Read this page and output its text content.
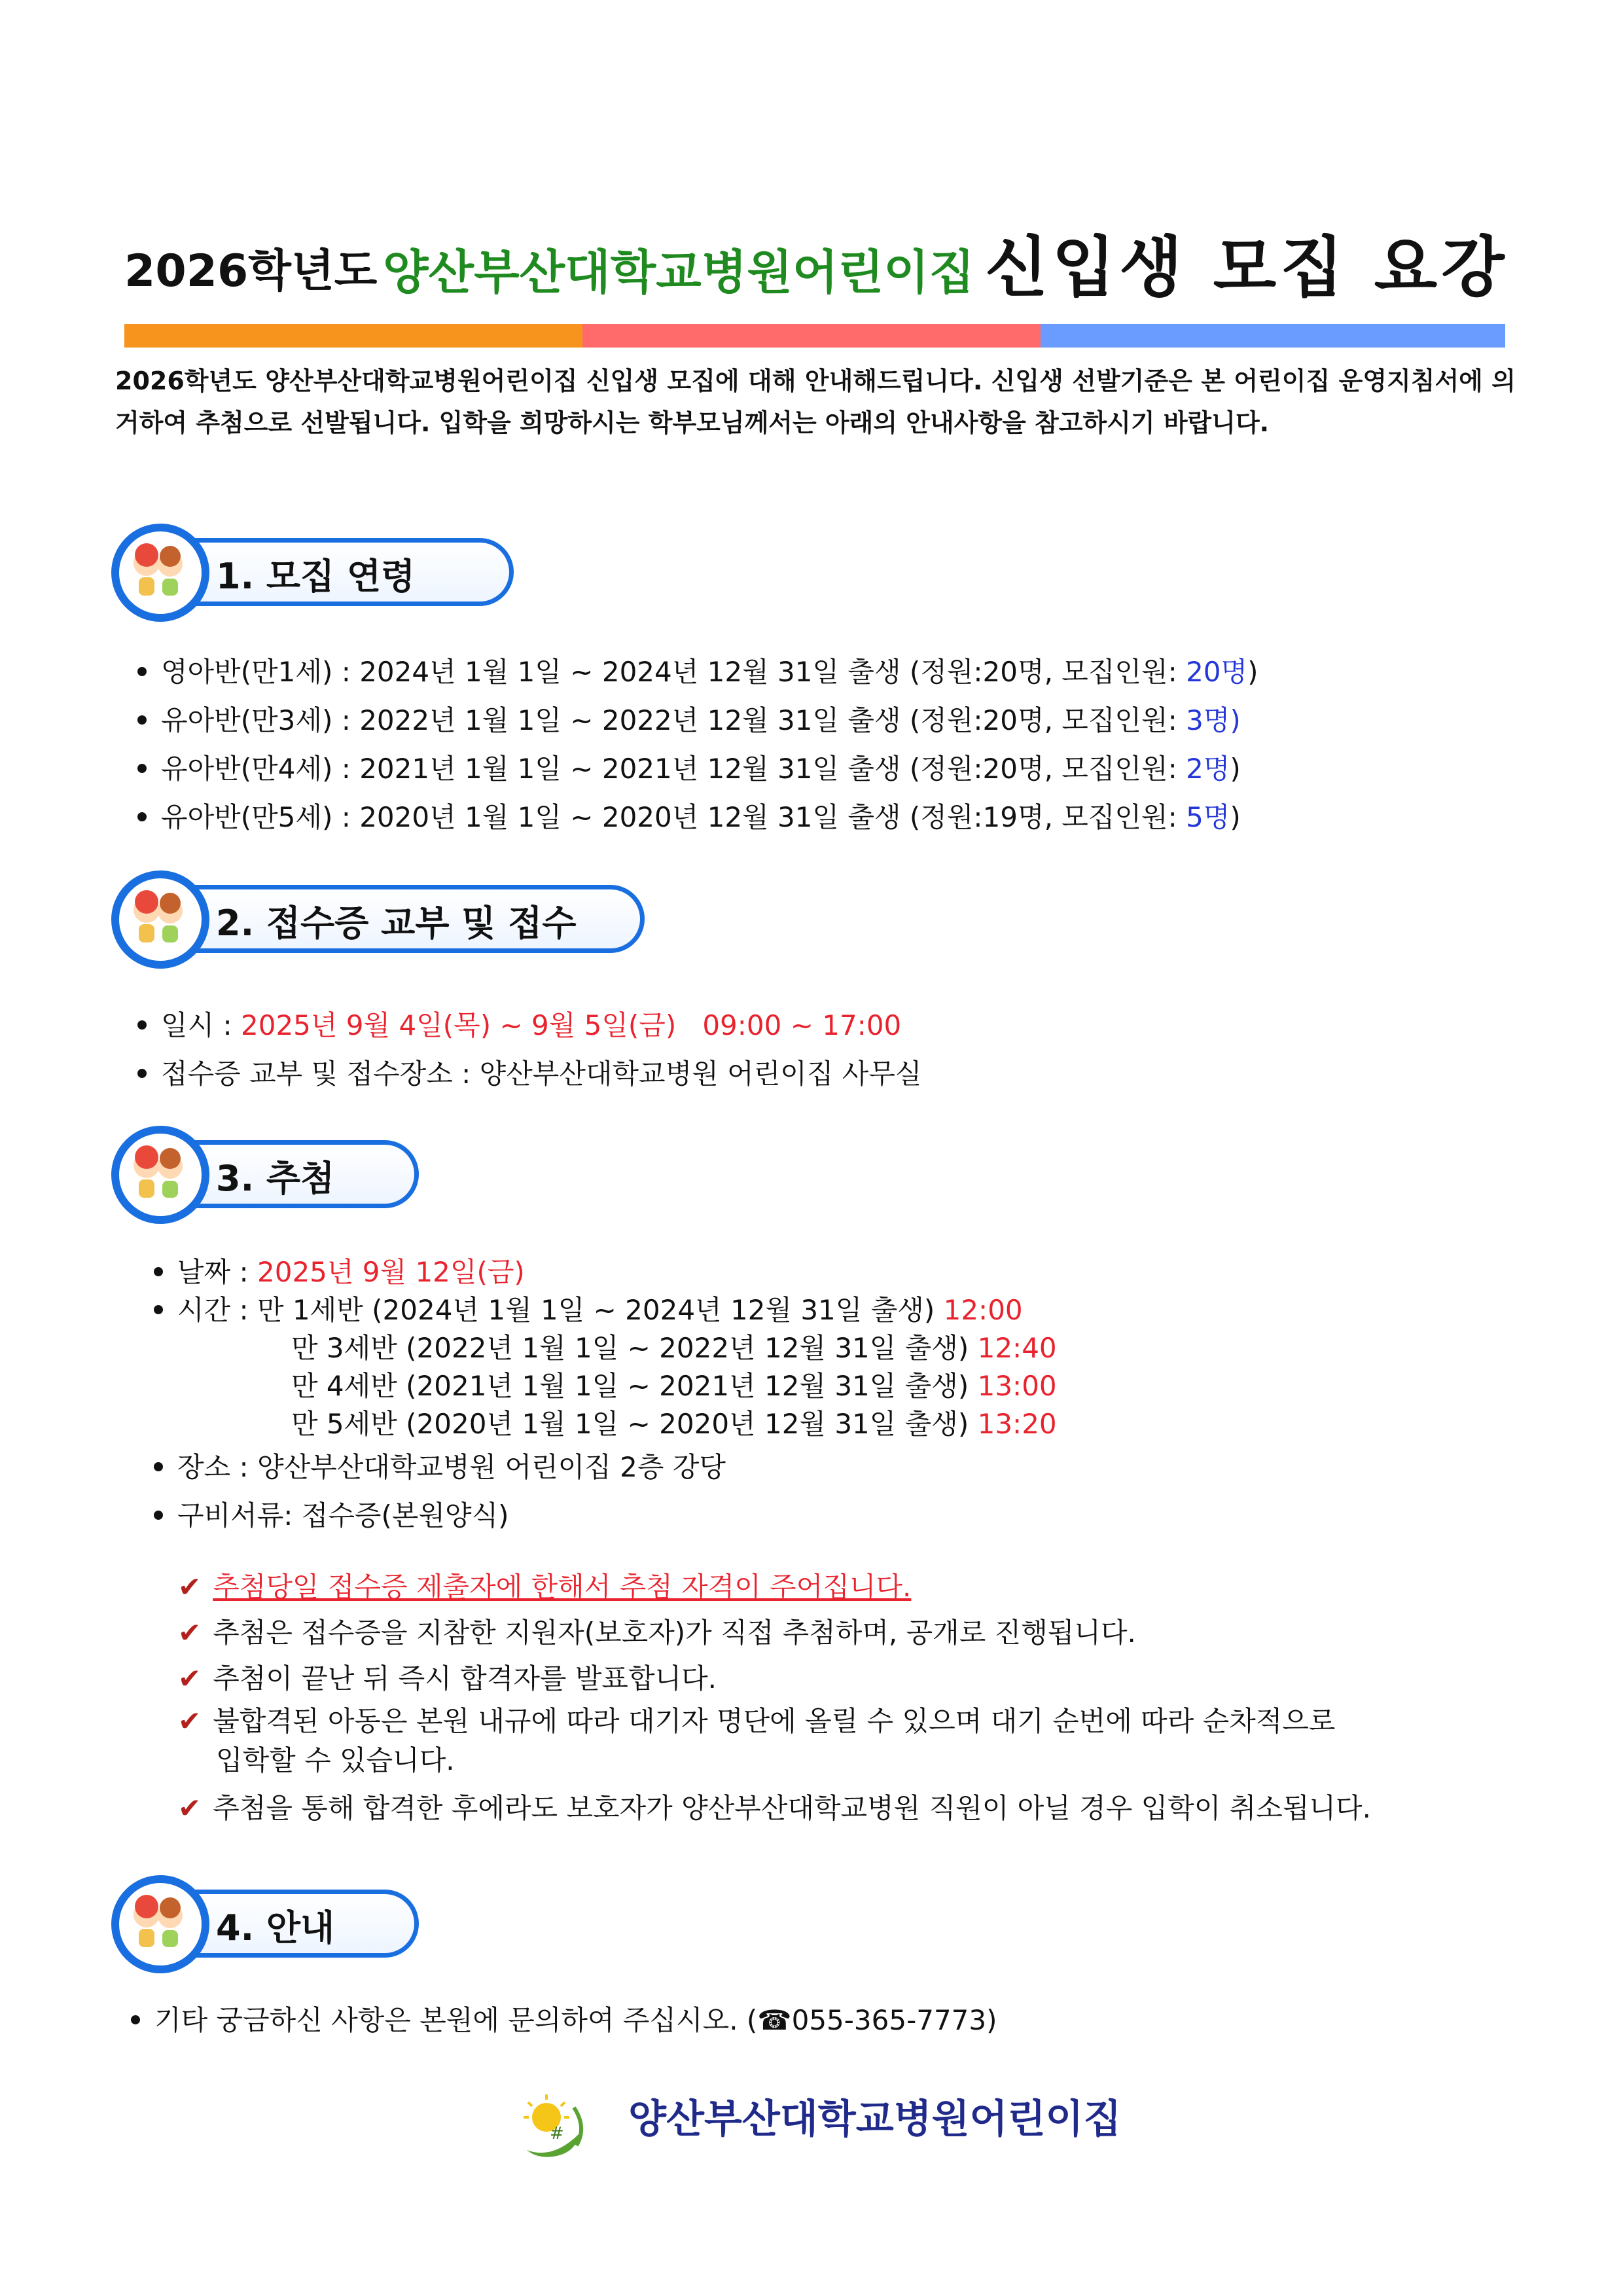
2026학년도 양산부산대학교병원어린이집 신입생 모집 요강
2026학년도 양산부산대학교병원어린이집 신입생 모집에 대해 안내해드립니다. 신입생 선발기준은 본 어린이집 운영지침서에 의거하여 추첨으로 선발됩니다. 입학을 희망하시는 학부모님께서는 아래의 안내사항을 참고하시기 바랍니다.
1. 모집 연령
영아반(만1세) : 2024년 1월 1일 ~ 2024년 12월 31일 출생 (정원:20명, 모집인원: 20명)
유아반(만3세) : 2022년 1월 1일 ~ 2022년 12월 31일 출생 (정원:20명, 모집인원: 3명)
유아반(만4세) : 2021년 1월 1일 ~ 2021년 12월 31일 출생 (정원:20명, 모집인원: 2명)
유아반(만5세) : 2020년 1월 1일 ~ 2020년 12월 31일 출생 (정원:19명, 모집인원: 5명)
2. 접수증 교부 및 접수
일시 : 2025년 9월 4일(목) ~ 9월 5일(금)   09:00 ~ 17:00
접수증 교부 및 접수장소 : 양산부산대학교병원 어린이집 사무실
3. 추첨
날짜 : 2025년 9월 12일(금)
시간 : 만 1세반 (2024년 1월 1일 ~ 2024년 12월 31일 출생) 12:00
만 3세반 (2022년 1월 1일 ~ 2022년 12월 31일 출생) 12:40
만 4세반 (2021년 1월 1일 ~ 2021년 12월 31일 출생) 13:00
만 5세반 (2020년 1월 1일 ~ 2020년 12월 31일 출생) 13:20
장소 : 양산부산대학교병원 어린이집 2층 강당
구비서류: 접수증(본원양식)
✔ 추첨당일 접수증 제출자에 한해서 추첨 자격이 주어집니다.
✔ 추첨은 접수증을 지참한 지원자(보호자)가 직접 추첨하며, 공개로 진행됩니다.
✔ 추첨이 끝난 뒤 즉시 합격자를 발표합니다.
✔ 불합격된 아동은 본원 내규에 따라 대기자 명단에 올릴 수 있으며 대기 순번에 따라 순차적으로
입학할 수 있습니다.
✔ 추첨을 통해 합격한 후에라도 보호자가 양산부산대학교병원 직원이 아닐 경우 입학이 취소됩니다.
4. 안내
기타 궁금하신 사항은 본원에 문의하여 주십시오. (☎055-365-7773)
# 양산부산대학교병원어린이집
